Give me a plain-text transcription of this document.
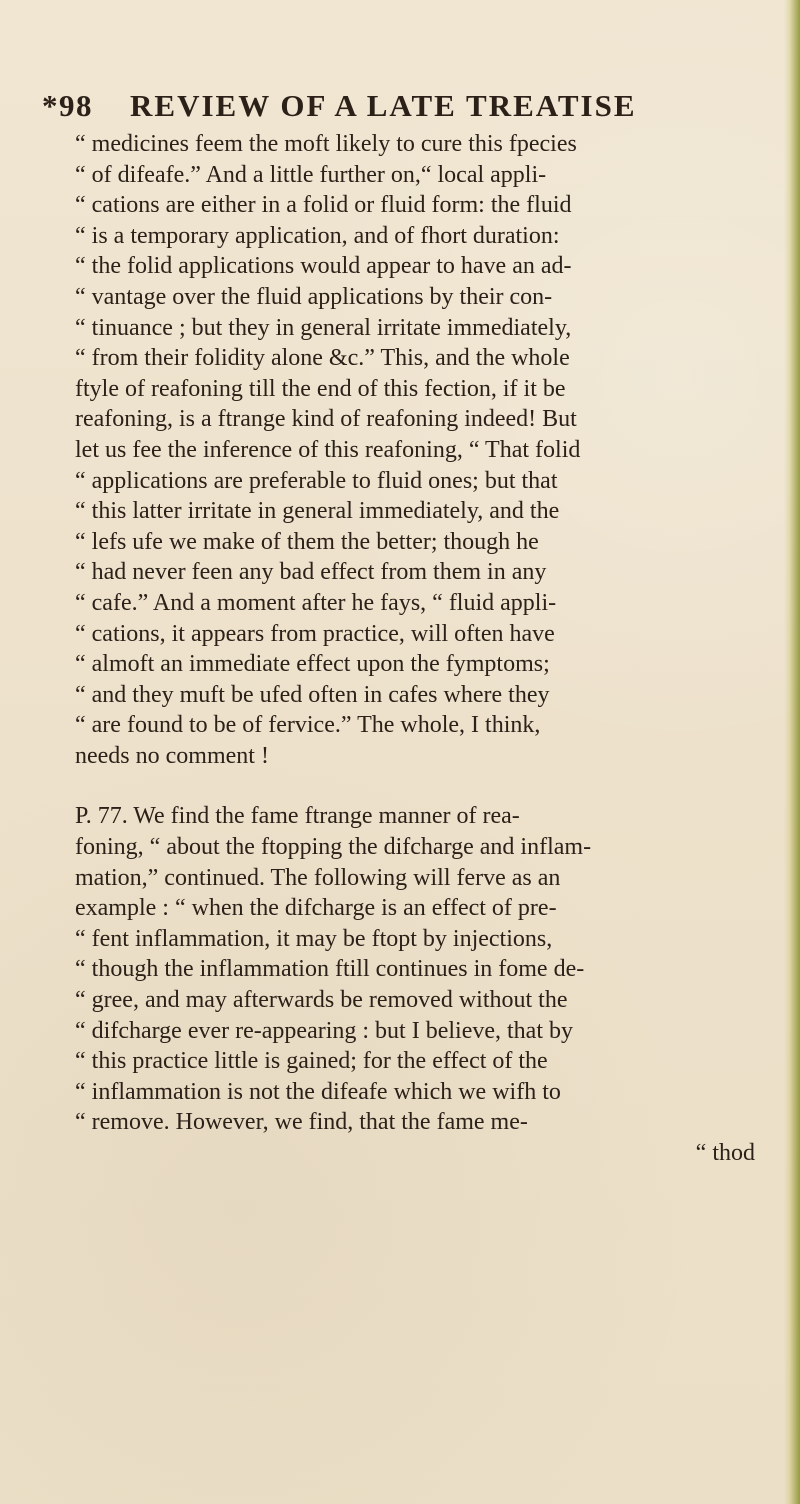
*98 REVIEW OF A LATE TREATISE
“ medicines feem the moft likely to cure this fpecies
“ of difeafe.” And a little further on,“ local appli-
“ cations are either in a folid or fluid form: the fluid
“ is a temporary application, and of fhort duration:
“ the folid applications would appear to have an ad-
“ vantage over the fluid applications by their con-
“ tinuance ; but they in general irritate immediately,
“ from their folidity alone &c.” This, and the whole
ftyle of reafoning till the end of this fection, if it be
reafoning, is a ftrange kind of reafoning indeed! But
let us fee the inference of this reafoning, “ That folid
“ applications are preferable to fluid ones; but that
“ this latter irritate in general immediately, and the
“ lefs ufe we make of them the better; though he
“ had never feen any bad effect from them in any
“ cafe.” And a moment after he fays, “ fluid appli-
“ cations, it appears from practice, will often have
“ almoft an immediate effect upon the fymptoms;
“ and they muft be ufed often in cafes where they
“ are found to be of fervice.” The whole, I think,
needs no comment !
P. 77. We find the fame ftrange manner of rea-
foning, “ about the ftopping the difcharge and inflam-
mation,” continued. The following will ferve as an
example : “ when the difcharge is an effect of pre-
“ fent inflammation, it may be ftopt by injections,
“ though the inflammation ftill continues in fome de-
“ gree, and may afterwards be removed without the
“ difcharge ever re-appearing : but I believe, that by
“ this practice little is gained; for the effect of the
“ inflammation is not the difeafe which we wifh to
“ remove. However, we find, that the fame me-
“ thod
